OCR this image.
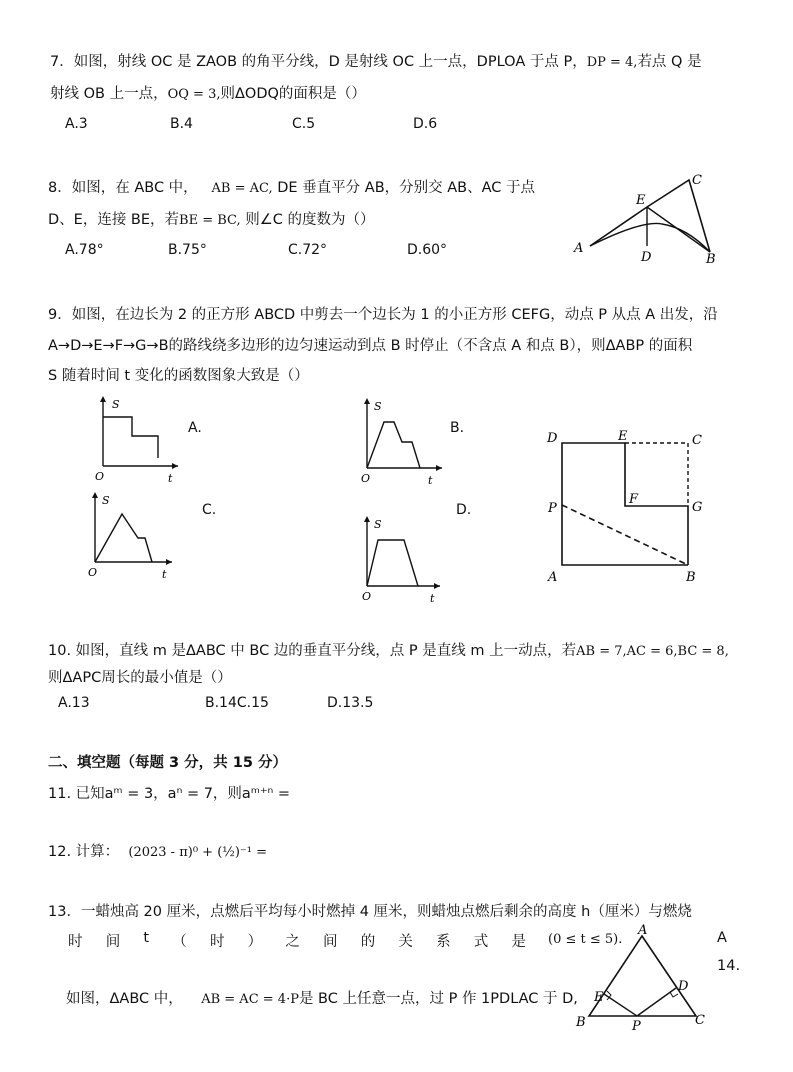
7．如图，射线 OC 是 ZAOB 的角平分线，D 是射线 OC 上一点，DPLOA 于点 P，DP = 4,若点 Q 是
射线 OB 上一点，OQ = 3,则ΔODQ的面积是（）
A.3	B.4	C.5	D.6
8．如图，在 ABC 中， AB = AC, DE 垂直平分 AB，分别交 AB、AC 于点
D、E，连接 BE，若BE = BC, 则∠C 的度数为（）
A.78°	B.75°	C.72°	D.60°	A
B
C
D
E
9．如图，在边长为 2 的正方形 ABCD 中剪去一个边长为 1 的小正方形 CEFG，动点 P 从点 A 出发，沿
A→D→E→F→G→B的路线绕多边形的边匀速运动到点 B 时停止（不含点 A 和点 B），则ΔABP 的面积
S 随着时间 t 变化的函数图象大致是（）
S
O	t
A.
S
O	t
B.
S
O	t
C.
S
O	t
D.
D	E	C
P
F
G
A	B
10. 如图，直线 m 是ΔABC 中 BC 边的垂直平分线，点 P 是直线 m 上一动点，若AB = 7,AC = 6,BC = 8,
则ΔAPC周长的最小值是（）
A.13	B.14C.15	D.13.5
二、填空题（每题 3 分，共 15 分）
11. 已知aᵐ = 3，aⁿ = 7，则aᵐ⁺ⁿ =
12. 计算： (2023 - π)⁰ + (½)⁻¹ =
13．一蜡烛高 20 厘米，点燃后平均每小时燃掉 4 厘米，则蜡烛点燃后剩余的高度 h（厘米）与燃烧
时 间 t （ 时 ） 之 间 的 关 系 式 是 (0 ≤ t ≤ 5).	A
14.
如图，ΔABC 中， AB = AC = 4·P是 BC 上任意一点，过 P 作 1PDLAC 于 D,
A
B	C
D
E
P
